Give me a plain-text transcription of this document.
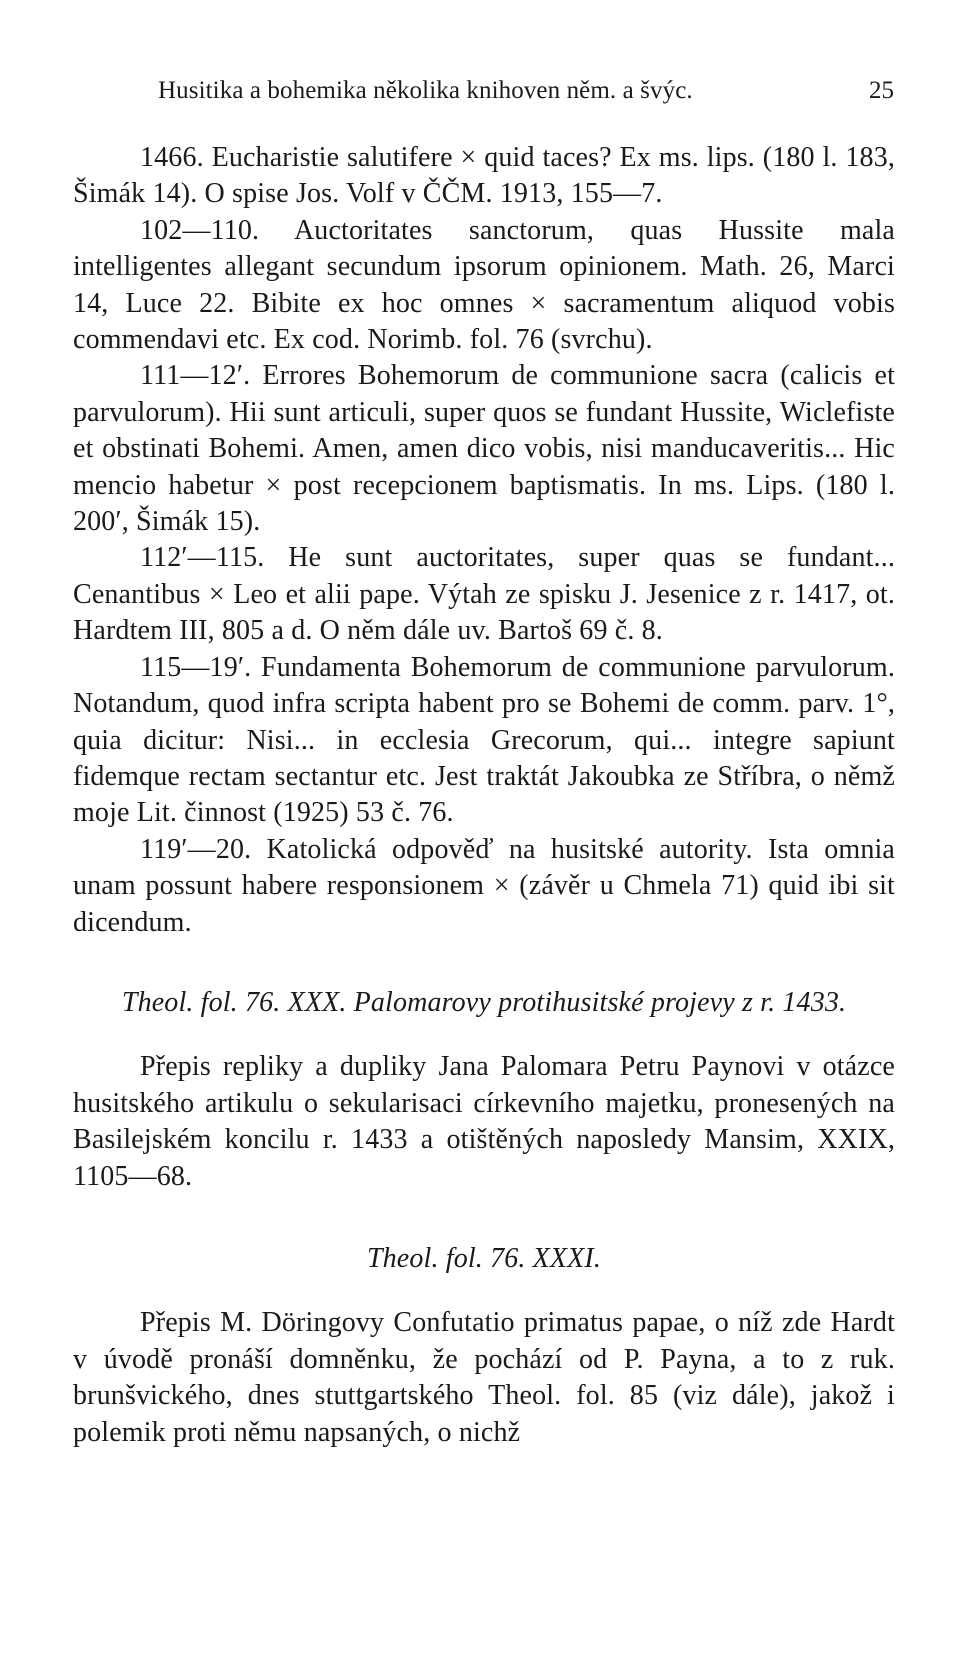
Husitika a bohemika několika knihoven něm. a švýc.	25

1466. Eucharistie salutifere × quid taces? Ex ms. lips. (180 l. 183, Šimák 14). O spise Jos. Volf v ČČM. 1913, 155—7.

102—110. Auctoritates sanctorum, quas Hussite mala intelligentes allegant secundum ipsorum opinionem. Math. 26, Marci 14, Luce 22. Bibite ex hoc omnes × sacramentum aliquod vobis commendavi etc. Ex cod. Norimb. fol. 76 (svrchu).

111—12′. Errores Bohemorum de communione sacra (calicis et parvulorum). Hii sunt articuli, super quos se fundant Hussite, Wiclefiste et obstinati Bohemi. Amen, amen dico vobis, nisi manducaveritis... Hic mencio habetur × post recepcionem baptismatis. In ms. Lips. (180 l. 200′, Šimák 15).

112′—115. He sunt auctoritates, super quas se fundant... Cenantibus × Leo et alii pape. Výtah ze spisku J. Jesenice z r. 1417, ot. Hardtem III, 805 a d. O něm dále uv. Bartoš 69 č. 8.

115—19′. Fundamenta Bohemorum de communione parvulorum. Notandum, quod infra scripta habent pro se Bohemi de comm. parv. 1°, quia dicitur: Nisi... in ecclesia Grecorum, qui... integre sapiunt fidemque rectam sectantur etc. Jest traktát Jakoubka ze Stříbra, o němž moje Lit. činnost (1925) 53 č. 76.

119′—20. Katolická odpověď na husitské autority. Ista omnia unam possunt habere responsionem × (závěr u Chmela 71) quid ibi sit dicendum.

Theol. fol. 76. XXX. Palomarovy protihusitské projevy z r. 1433.

Přepis repliky a dupliky Jana Palomara Petru Paynovi v otázce husitského artikulu o sekularisaci církevního majetku, pronesených na Basilejském koncilu r. 1433 a otištěných naposledy Mansim, XXIX, 1105—68.

Theol. fol. 76. XXXI.

Přepis M. Döringovy Confutatio primatus papae, o níž zde Hardt v úvodě pronáší domněnku, že pochází od P. Payna, a to z ruk. brunšvického, dnes stuttgartského Theol. fol. 85 (viz dále), jakož i polemik proti němu napsaných, o nichž
